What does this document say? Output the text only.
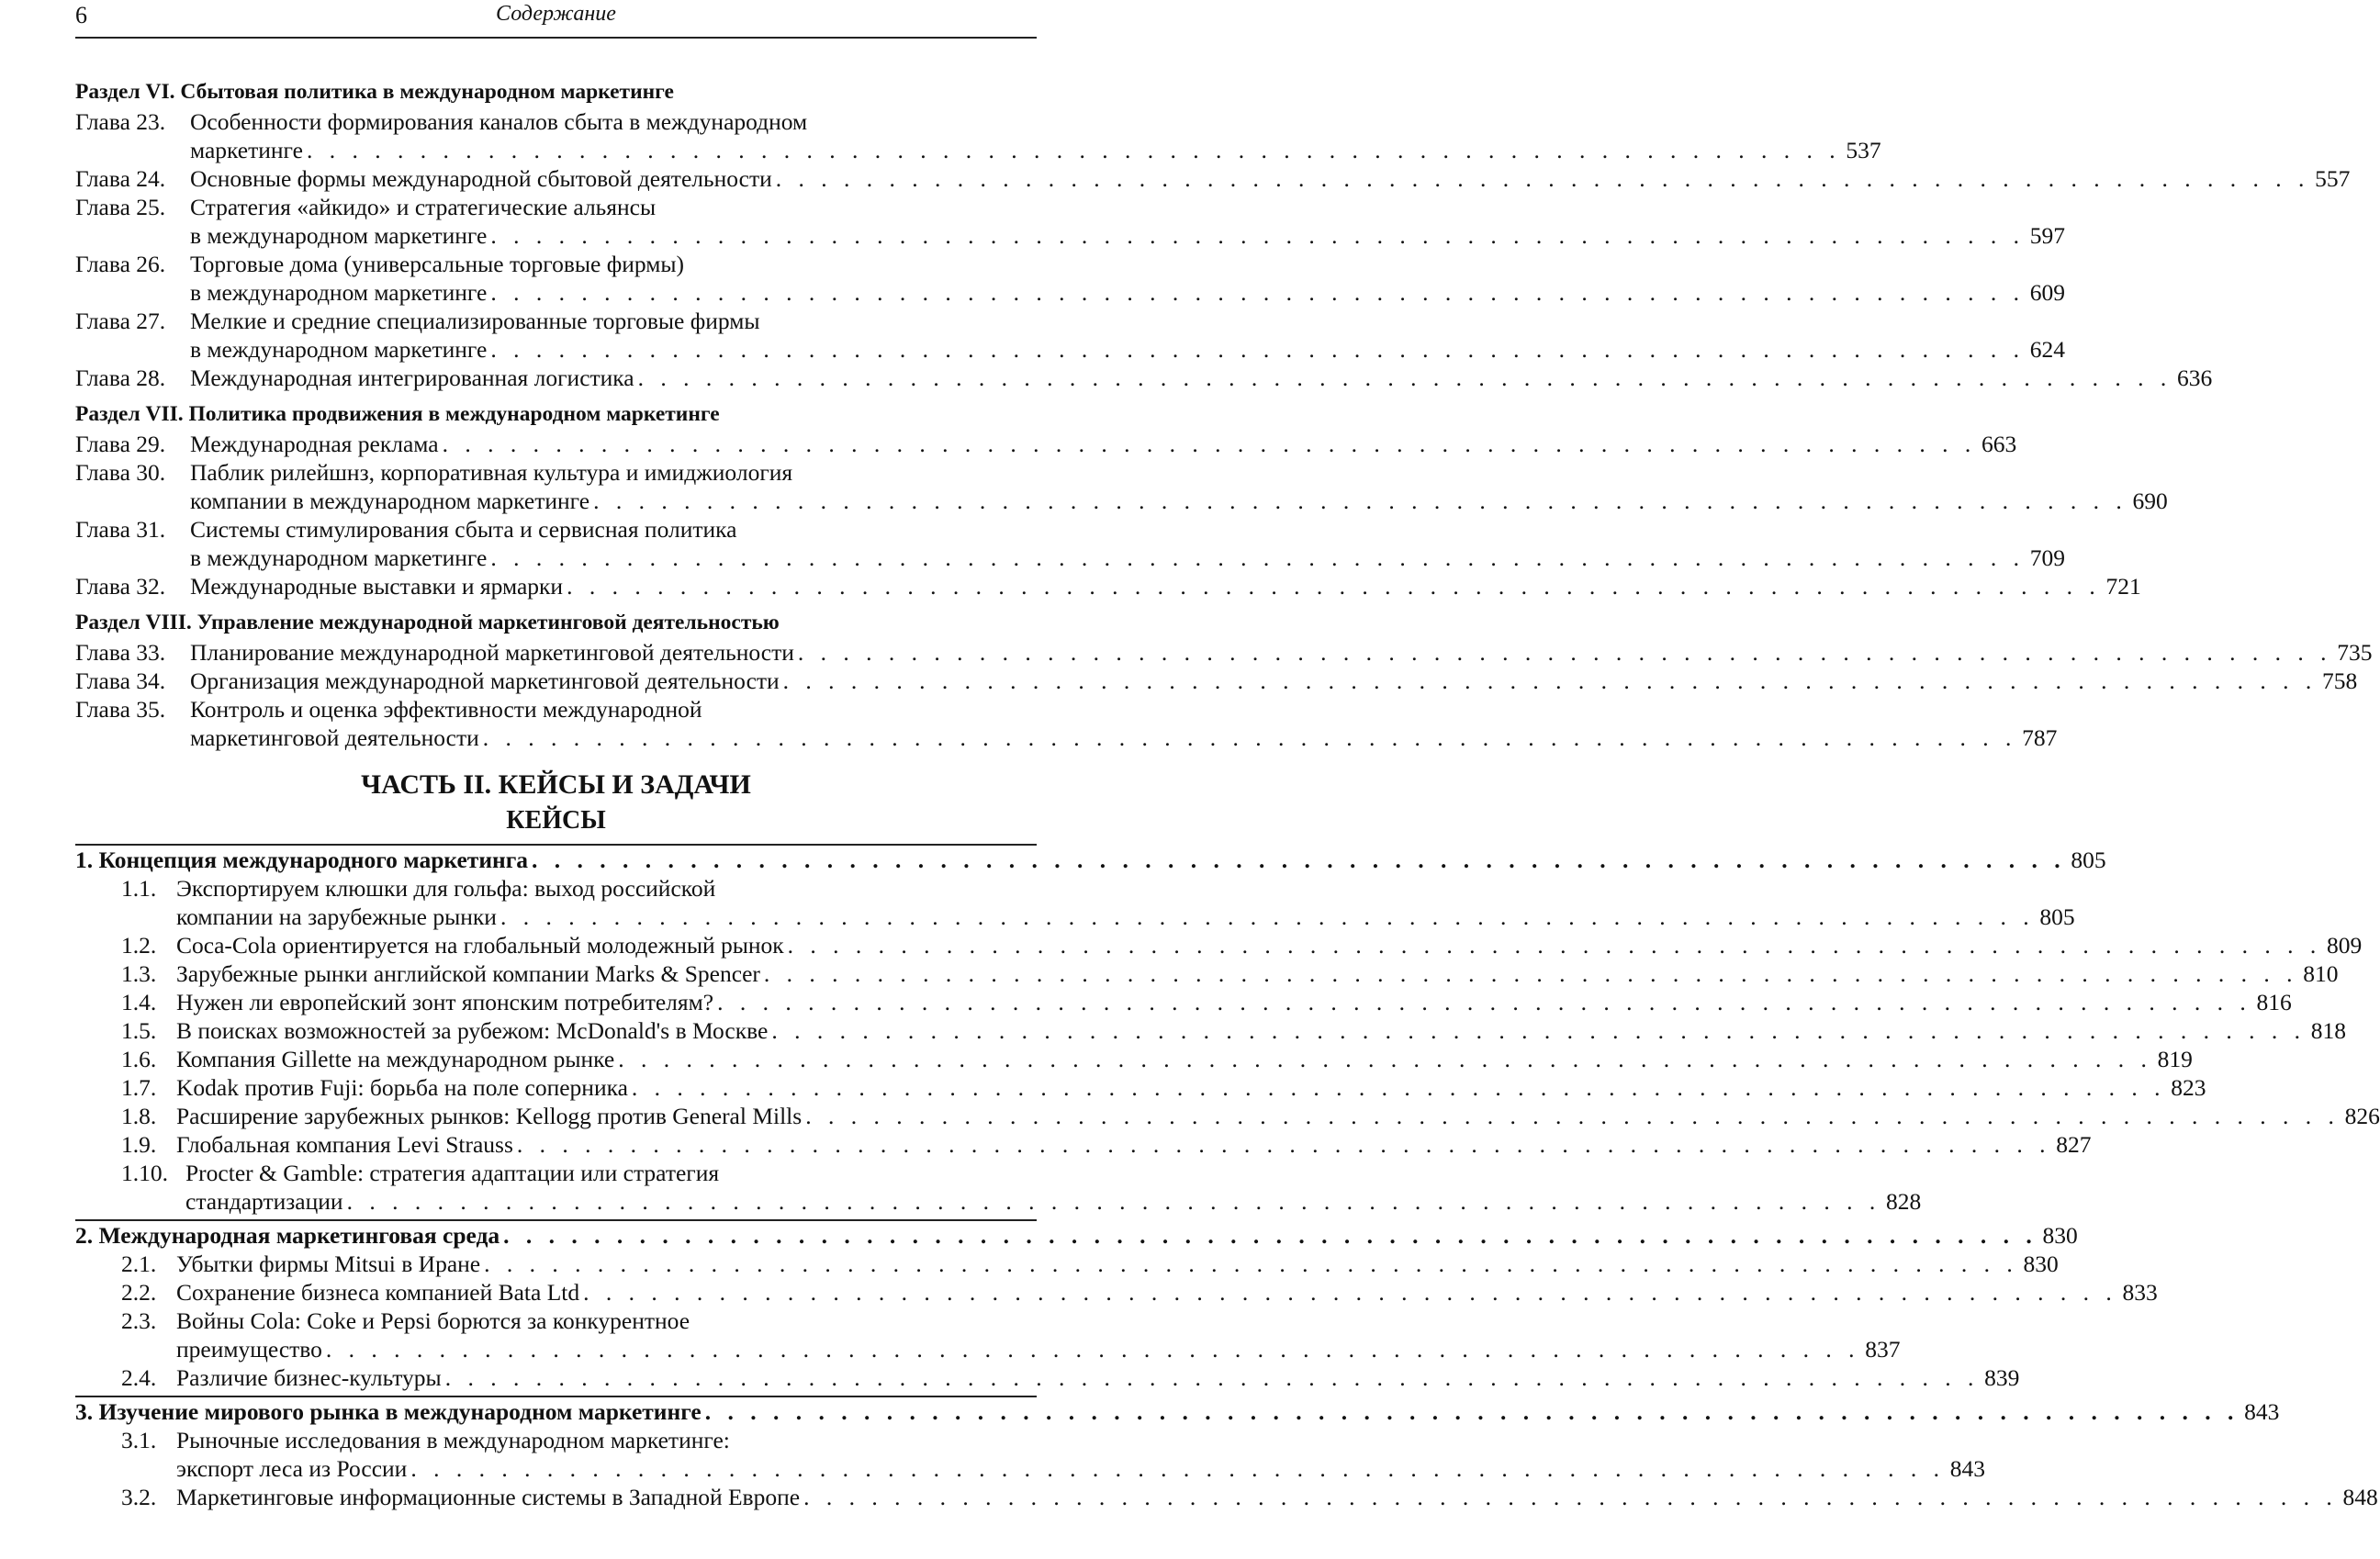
6	Содержание
Раздел VI. Сбытовая политика в международном маркетинге
Глава 23.	Особенности формирования каналов сбыта в международном
маркетинге . . .	537
Глава 24.	Основные формы международной сбытовой деятельности . . .	557
Глава 25.	Стратегия «айкидо» и стратегические альянсы
в международном маркетинге . . .	597
Глава 26.	Торговые дома (универсальные торговые фирмы)
в международном маркетинге . . .	609
Глава 27.	Мелкие и средние специализированные торговые фирмы
в международном маркетинге . . .	624
Глава 28.	Международная интегрированная логистика . . .	636
Раздел VII. Политика продвижения в международном маркетинге
Глава 29.	Международная реклама . . .	663
Глава 30.	Паблик рилейшнз, корпоративная культура и имиджиология
компании в международном маркетинге . . .	690
Глава 31.	Системы стимулирования сбыта и сервисная политика
в международном маркетинге . . .	709
Глава 32.	Международные выставки и ярмарки . . .	721
Раздел VIII. Управление международной маркетинговой деятельностью
Глава 33.	Планирование международной маркетинговой деятельности . . .	735
Глава 34.	Организация международной маркетинговой деятельности . . .	758
Глава 35.	Контроль и оценка эффективности международной
маркетинговой деятельности . . .	787
ЧАСТЬ II. КЕЙСЫ И ЗАДАЧИ
КЕЙСЫ
1. Концепция международного маркетинга . . .	805
1.1. Экспортируем клюшки для гольфа: выход российской
компании на зарубежные рынки . . .	805
1.2. Coca-Cola ориентируется на глобальный молодежный рынок . . .	809
1.3. Зарубежные рынки английской компании Marks & Spencer . . .	810
1.4. Нужен ли европейский зонт японским потребителям? . . .	816
1.5. В поисках возможностей за рубежом: McDonald's в Москве . . .	818
1.6. Компания Gillette на международном рынке . . .	819
1.7. Kodak против Fuji: борьба на поле соперника . . .	823
1.8. Расширение зарубежных рынков: Kellogg против General Mills . . .	826
1.9. Глобальная компания Levi Strauss . . .	827
1.10. Procter & Gamble: стратегия адаптации или стратегия
стандартизации . . .	828
2. Международная маркетинговая среда . . .	830
2.1. Убытки фирмы Mitsui в Иране . . .	830
2.2. Сохранение бизнеса компанией Bata Ltd . . .	833
2.3. Войны Cola: Coke и Pepsi борются за конкурентное
преимущество . . .	837
2.4. Различие бизнес-культуры . . .	839
3. Изучение мирового рынка в международном маркетинге . . .	843
3.1. Рыночные исследования в международном маркетинге:
экспорт леса из России . . .	843
3.2. Маркетинговые информационные системы в Западной Европе . . .	848
